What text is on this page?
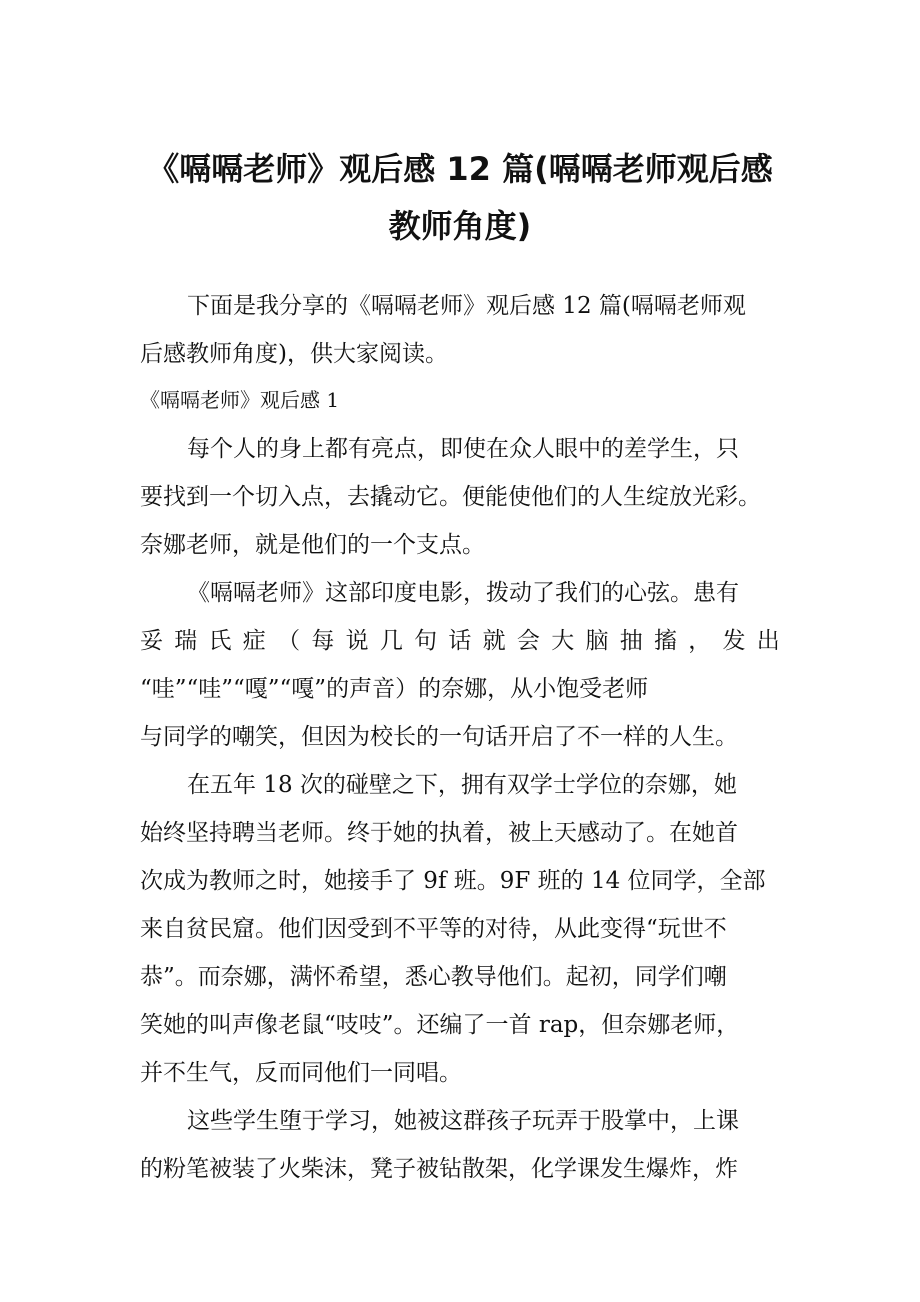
《嗝嗝老师》观后感 12 篇(嗝嗝老师观后感
教师角度)
下面是我分享的《嗝嗝老师》观后感 12 篇(嗝嗝老师观
后感教师角度)，供大家阅读。
《嗝嗝老师》观后感 1
每个人的身上都有亮点，即使在众人眼中的差学生，只
要找到一个切入点，去撬动它。便能使他们的人生绽放光彩。
奈娜老师，就是他们的一个支点。
《嗝嗝老师》这部印度电影，拨动了我们的心弦。患有
妥 瑞 氏 症 （ 每 说 几 句 话 就 会 大 脑 抽 搐 ， 发 出
“哇”“哇”“嘎”“嘎”的声音）的奈娜，从小饱受老师
与同学的嘲笑，但因为校长的一句话开启了不一样的人生。
在五年 18 次的碰壁之下，拥有双学士学位的奈娜，她
始终坚持聘当老师。终于她的执着，被上天感动了。在她首
次成为教师之时，她接手了 9f 班。9F 班的 14 位同学，全部
来自贫民窟。他们因受到不平等的对待，从此变得“玩世不
恭”。而奈娜，满怀希望，悉心教导他们。起初，同学们嘲
笑她的叫声像老鼠“吱吱”。还编了一首 rap，但奈娜老师，
并不生气，反而同他们一同唱。
这些学生堕于学习，她被这群孩子玩弄于股掌中，上课
的粉笔被装了火柴沫，凳子被钻散架，化学课发生爆炸，炸
